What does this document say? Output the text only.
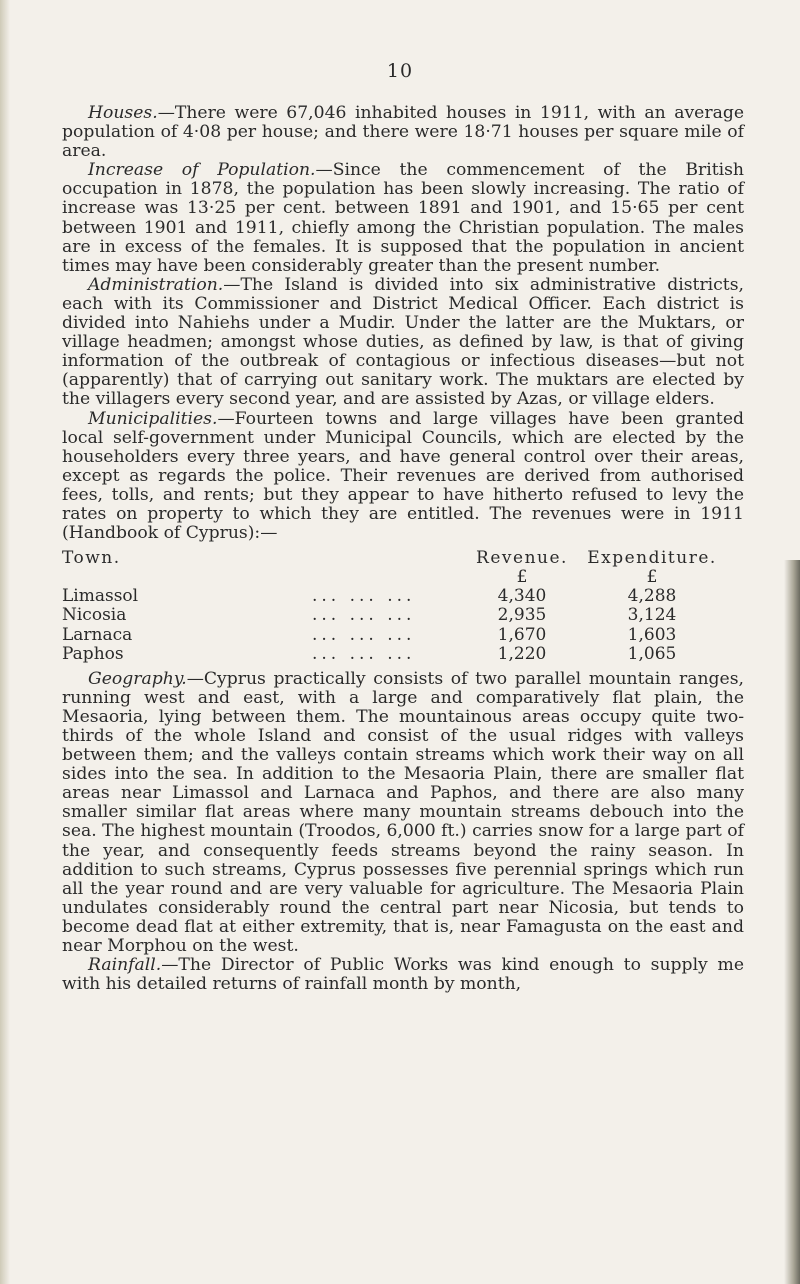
10

Houses.—There were 67,046 inhabited houses in 1911, with an average population of 4·08 per house; and there were 18·71 houses per square mile of area.

Increase of Population.—Since the commencement of the British occupation in 1878, the population has been slowly increasing. The ratio of increase was 13·25 per cent. between 1891 and 1901, and 15·65 per cent between 1901 and 1911, chiefly among the Christian population. The males are in excess of the females. It is supposed that the population in ancient times may have been considerably greater than the present number.

Administration.—The Island is divided into six administrative districts, each with its Commissioner and District Medical Officer. Each district is divided into Nahiehs under a Mudir. Under the latter are the Muktars, or village headmen; amongst whose duties, as defined by law, is that of giving information of the outbreak of contagious or infectious diseases—but not (apparently) that of carrying out sanitary work. The muktars are elected by the villagers every second year, and are assisted by Azas, or village elders.

Municipalities.—Fourteen towns and large villages have been granted local self-government under Municipal Councils, which are elected by the householders every three years, and have general control over their areas, except as regards the police. Their revenues are derived from authorised fees, tolls, and rents; but they appear to have hitherto refused to levy the rates on property to which they are entitled. The revenues were in 1911 (Handbook of Cyprus):—

Town.		Revenue.	Expenditure.
		£	£
Limassol	... ... ...	4,340	4,288
Nicosia	... ... ...	2,935	3,124
Larnaca	... ... ...	1,670	1,603
Paphos	... ... ...	1,220	1,065

Geography.—Cyprus practically consists of two parallel mountain ranges, running west and east, with a large and comparatively flat plain, the Mesaoria, lying between them. The mountainous areas occupy quite two-thirds of the whole Island and consist of the usual ridges with valleys between them; and the valleys contain streams which work their way on all sides into the sea. In addition to the Mesaoria Plain, there are smaller flat areas near Limassol and Larnaca and Paphos, and there are also many smaller similar flat areas where many mountain streams debouch into the sea. The highest mountain (Troodos, 6,000 ft.) carries snow for a large part of the year, and consequently feeds streams beyond the rainy season. In addition to such streams, Cyprus possesses five perennial springs which run all the year round and are very valuable for agriculture. The Mesaoria Plain undulates considerably round the central part near Nicosia, but tends to become dead flat at either extremity, that is, near Famagusta on the east and near Morphou on the west.

Rainfall.—The Director of Public Works was kind enough to supply me with his detailed returns of rainfall month by month,
